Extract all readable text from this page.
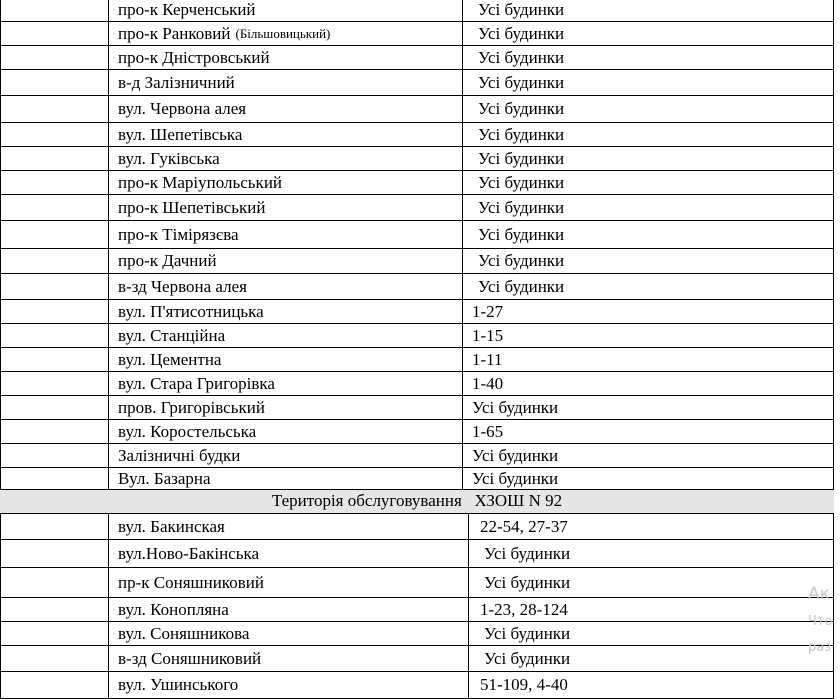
про-к Керченський	Усі будинки
про-к Ранковий (Більшовицький)	Усі будинки
про-к Дністровський	Усі будинки
в-д Залізничний	Усі будинки
вул. Червона алея	Усі будинки
вул. Шепетівська	Усі будинки
вул. Гуківська	Усі будинки
про-к Маріупольський	Усі будинки
про-к Шепетівський	Усі будинки
про-к Тімірязєва	Усі будинки
про-к Дачний	Усі будинки
в-зд Червона алея	Усі будинки
вул. П'ятисотницька	1-27
вул. Станційна	1-15
вул. Цементна	1-11
вул. Стара Григорівка	1-40
пров. Григорівський	Усі будинки
вул. Коростельська	1-65
Залізничні будки	Усі будинки
Вул. Базарна	Усі будинки
Територія обслуговування   ХЗОШ N 92
вул. Бакинская	22-54, 27-37
вул.Ново-Бакінська	Усі будинки
пр-к Соняшниковий	Усі будинки
вул. Конопляна	1-23, 28-124
вул. Соняшникова	Усі будинки
в-зд Соняшниковий	Усі будинки
вул. Ушинського	51-109, 4-40
Ак
Что
раз
